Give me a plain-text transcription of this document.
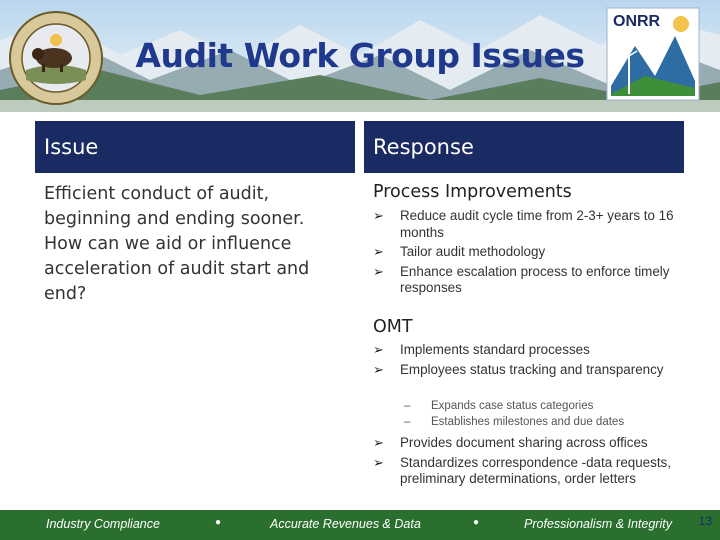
ONRR
Audit Work Group Issues
Issue	Response
Efficient conduct of audit, beginning and ending sooner. How can we aid or influence acceleration of audit start and end?
Process Improvements
➢ Reduce audit cycle time from 2-3+ years to 16 months
➢ Tailor audit methodology
➢ Enhance escalation process to enforce timely responses
OMT
➢ Implements standard processes
➢ Employees status tracking and transparency
– Expands case status categories
– Establishes milestones and due dates
➢ Provides document sharing across offices
➢ Standardizes correspondence -data requests, preliminary determinations, order letters
Industry Compliance	●	Accurate Revenues & Data	●	Professionalism & Integrity 13
